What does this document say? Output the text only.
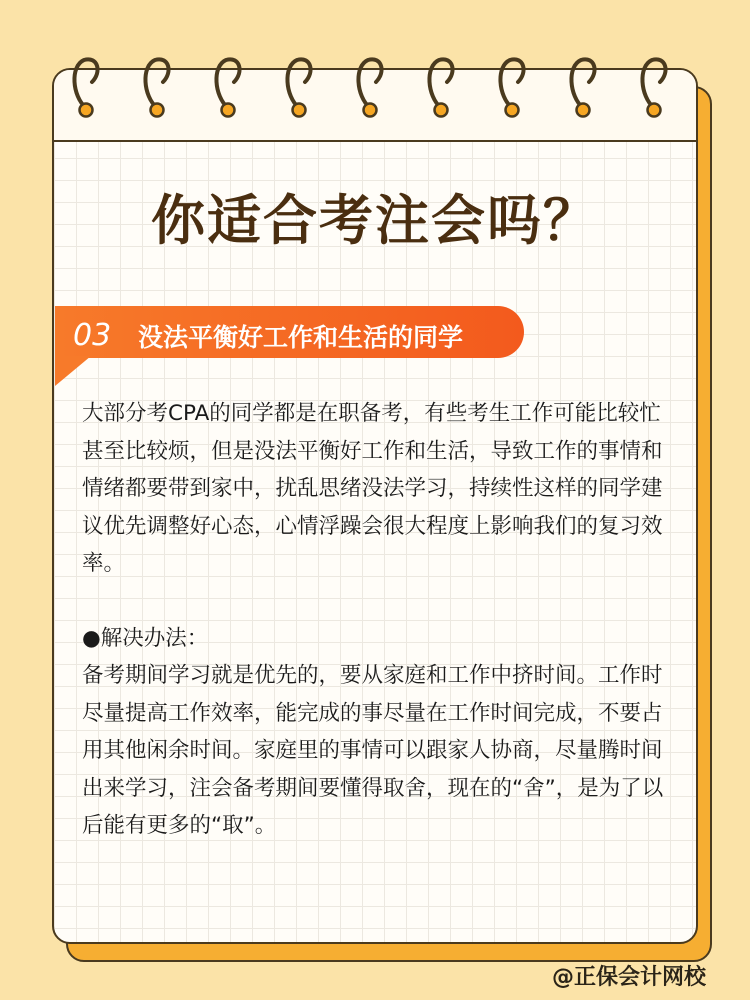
你适合考注会吗？
03 没法平衡好工作和生活的同学

大部分考CPA的同学都是在职备考，有些考生工作可能比较忙甚至比较烦，但是没法平衡好工作和生活，导致工作的事情和情绪都要带到家中，扰乱思绪没法学习，持续性这样的同学建议优先调整好心态，心情浮躁会很大程度上影响我们的复习效率。

●解决办法：

备考期间学习就是优先的，要从家庭和工作中挤时间。工作时尽量提高工作效率，能完成的事尽量在工作时间完成，不要占用其他闲余时间。家庭里的事情可以跟家人协商，尽量腾时间出来学习，注会备考期间要懂得取舍，现在的“舍”，是为了以后能有更多的“取”。

@正保会计网校
